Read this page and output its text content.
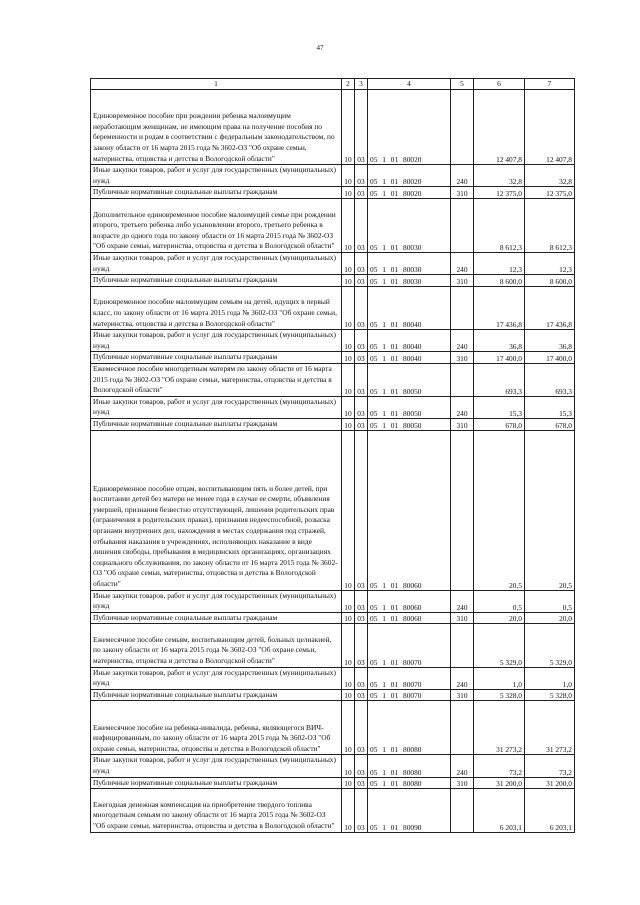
47
1	2	3	4	5	6	7
Единовременное пособие при рождении ребенка малоимущим неработающим женщинам, не имеющим права на получение пособия по беременности и родам в соответствии с федеральным законодательством, по закону области от 16 марта 2015 года № 3602-ОЗ "Об охране семьи, материнства, отцовства и детства в Вологодской области"	10	03	05 1 01 80020		12 407,8	12 407,8
Иные закупки товаров, работ и услуг для государственных (муниципальных) нужд	10	03	05 1 01 80020	240	32,8	32,8
Публичные нормативные социальные выплаты гражданам	10	03	05 1 01 80020	310	12 375,0	12 375,0
Дополнительное единовременное пособие малоимущей семье при рождении второго, третьего ребенка либо усыновлении второго, третьего ребенка в возрасте до одного года по закону области от 16 марта 2015 года № 3602-ОЗ "Об охране семьи, материнства, отцовства и детства в Вологодской области"	10	03	05 1 01 80030		8 612,3	8 612,3
Иные закупки товаров, работ и услуг для государственных (муниципальных) нужд	10	03	05 1 01 80030	240	12,3	12,3
Публичные нормативные социальные выплаты гражданам	10	03	05 1 01 80030	310	8 600,0	8 600,0
Единовременное пособие малоимущим семьям на детей, идущих в первый класс, по закону области от 16 марта 2015 года № 3602-ОЗ "Об охране семьи, материнства, отцовства и детства в Вологодской области"	10	03	05 1 01 80040		17 436,8	17 436,8
Иные закупки товаров, работ и услуг для государственных (муниципальных) нужд	10	03	05 1 01 80040	240	36,8	36,8
Публичные нормативные социальные выплаты гражданам	10	03	05 1 01 80040	310	17 400,0	17 400,0
Ежемесячное пособие многодетным матерям по закону области от 16 марта 2015 года № 3602-ОЗ "Об охране семьи, материнства, отцовства и детства в Вологодской области"	10	03	05 1 01 80050		693,3	693,3
Иные закупки товаров, работ и услуг для государственных (муниципальных) нужд	10	03	05 1 01 80050	240	15,3	15,3
Публичные нормативные социальные выплаты гражданам	10	03	05 1 01 80050	310	678,0	678,0
Единовременное пособие отцам, воспитывающим пять и более детей, при воспитании детей без матери не менее года в случае ее смерти, объявления умершей, признания безвестно отсутствующей, лишения родительских прав (ограничения в родительских правах), признания недееспособной, розыска органами внутренних дел, нахождения в местах содержания под стражей, отбывания наказания в учреждениях, исполняющих наказание в виде лишения свободы, пребывания в медицинских организациях, организациях социального обслуживания, по закону области от 16 марта 2015 года № 3602-ОЗ "Об охране семьи, материнства, отцовства и детства в Вологодской области"	10	03	05 1 01 80060		20,5	20,5
Иные закупки товаров, работ и услуг для государственных (муниципальных) нужд	10	03	05 1 01 80060	240	0,5	0,5
Публичные нормативные социальные выплаты гражданам	10	03	05 1 01 80060	310	20,0	20,0
Ежемесячное пособие семьям, воспитывающим детей, больных целиакией, по закону области от 16 марта 2015 года № 3602-ОЗ "Об охране семьи, материнства, отцовства и детства в Вологодской области"	10	03	05 1 01 80070		5 329,0	5 329,0
Иные закупки товаров, работ и услуг для государственных (муниципальных) нужд	10	03	05 1 01 80070	240	1,0	1,0
Публичные нормативные социальные выплаты гражданам	10	03	05 1 01 80070	310	5 328,0	5 328,0
Ежемесячное пособие на ребенка-инвалида, ребенка, являющегося ВИЧ-инфицированным, по закону области от 16 марта 2015 года № 3602-ОЗ "Об охране семьи, материнства, отцовства и детства в Вологодской области"	10	03	05 1 01 80080		31 273,2	31 273,2
Иные закупки товаров, работ и услуг для государственных (муниципальных) нужд	10	03	05 1 01 80080	240	73,2	73,2
Публичные нормативные социальные выплаты гражданам	10	03	05 1 01 80080	310	31 200,0	31 200,0
Ежегодная денежная компенсация на приобретение твердого топлива многодетным семьям по закону области от 16 марта 2015 года № 3602-ОЗ "Об охране семьи, материнства, отцовства и детства в Вологодской области"	10	03	05 1 01 80090		6 203,1	6 203,1
